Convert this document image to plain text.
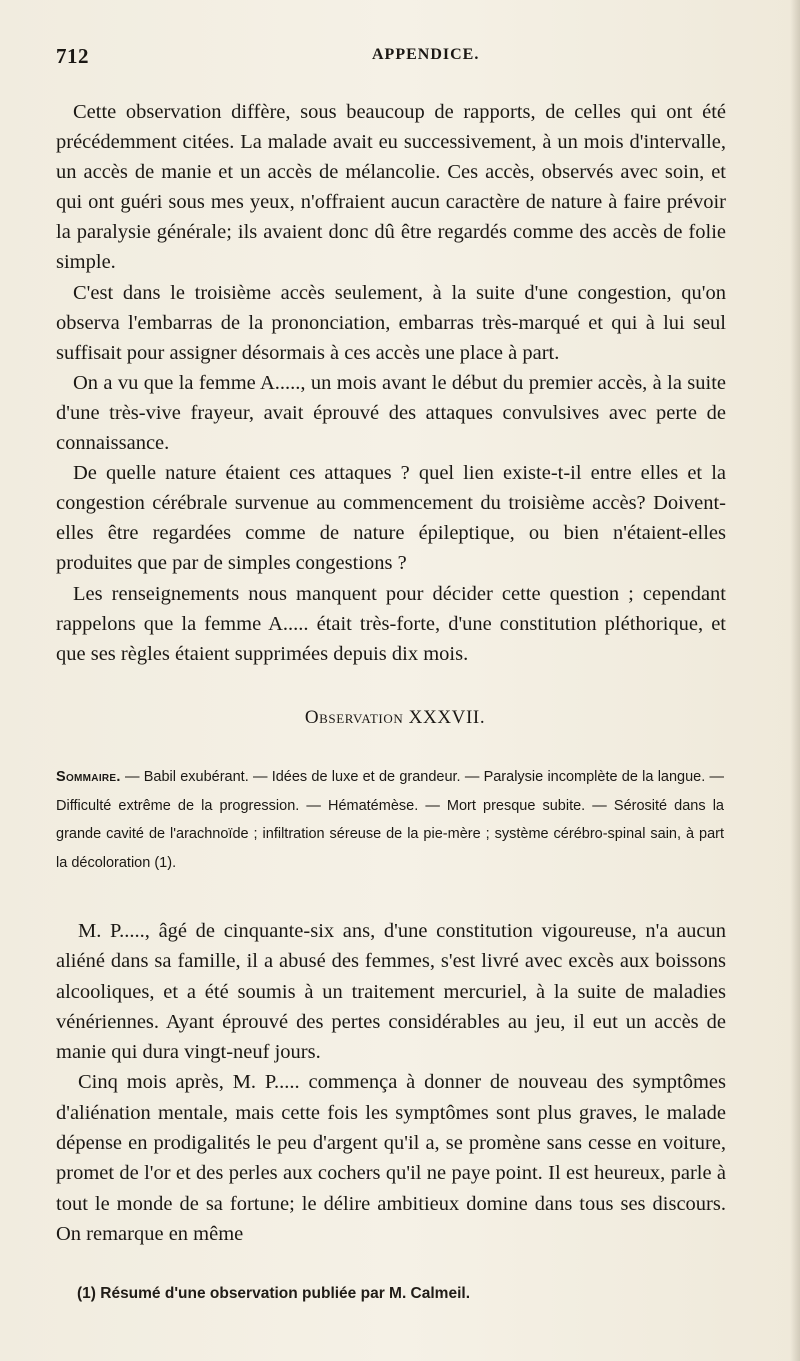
712	APPENDICE.

Cette observation diffère, sous beaucoup de rapports, de celles qui ont été précédemment citées. La malade avait eu successivement, à un mois d'intervalle, un accès de manie et un accès de mélancolie. Ces accès, observés avec soin, et qui ont guéri sous mes yeux, n'offraient aucun caractère de nature à faire prévoir la paralysie générale; ils avaient donc dû être regardés comme des accès de folie simple.

C'est dans le troisième accès seulement, à la suite d'une congestion, qu'on observa l'embarras de la prononciation, embarras très-marqué et qui à lui seul suffisait pour assigner désormais à ces accès une place à part.

On a vu que la femme A....., un mois avant le début du premier accès, à la suite d'une très-vive frayeur, avait éprouvé des attaques convulsives avec perte de connaissance.

De quelle nature étaient ces attaques ? quel lien existe-t-il entre elles et la congestion cérébrale survenue au commencement du troisième accès? Doivent-elles être regardées comme de nature épileptique, ou bien n'étaient-elles produites que par de simples congestions ?

Les renseignements nous manquent pour décider cette question ; cependant rappelons que la femme A..... était très-forte, d'une constitution pléthorique, et que ses règles étaient supprimées depuis dix mois.

Observation XXXVII.
Sommaire. — Babil exubérant. — Idées de luxe et de grandeur. — Paralysie incomplète de la langue. — Difficulté extrême de la progression. — Hématémèse. — Mort presque subite. — Sérosité dans la grande cavité de l'arachnoïde ; infiltration séreuse de la pie-mère ; système cérébro-spinal sain, à part la décoloration (1).

M. P....., âgé de cinquante-six ans, d'une constitution vigoureuse, n'a aucun aliéné dans sa famille, il a abusé des femmes, s'est livré avec excès aux boissons alcooliques, et a été soumis à un traitement mercuriel, à la suite de maladies vénériennes. Ayant éprouvé des pertes considérables au jeu, il eut un accès de manie qui dura vingt-neuf jours.

Cinq mois après, M. P..... commença à donner de nouveau des symptômes d'aliénation mentale, mais cette fois les symptômes sont plus graves, le malade dépense en prodigalités le peu d'argent qu'il a, se promène sans cesse en voiture, promet de l'or et des perles aux cochers qu'il ne paye point. Il est heureux, parle à tout le monde de sa fortune; le délire ambitieux domine dans tous ses discours. On remarque en même

(1) Résumé d'une observation publiée par M. Calmeil.
